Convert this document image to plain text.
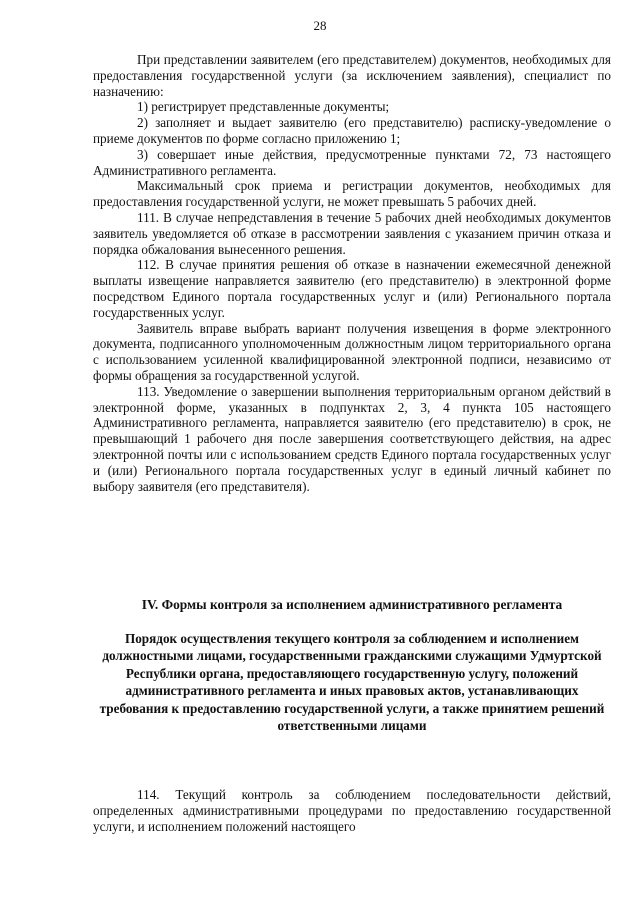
28

При представлении заявителем (его представителем) документов, необходимых для предоставления государственной услуги (за исключением заявления), специалист по назначению:

1) регистрирует представленные документы;

2) заполняет и выдает заявителю (его представителю) расписку-уведомление о приеме документов по форме согласно приложению 1;

3) совершает иные действия, предусмотренные пунктами 72, 73 настоящего Административного регламента.

Максимальный срок приема и регистрации документов, необходимых для предоставления государственной услуги, не может превышать 5 рабочих дней.

111. В случае непредставления в течение 5 рабочих дней необходимых документов заявитель уведомляется об отказе в рассмотрении заявления с указанием причин отказа и порядка обжалования вынесенного решения.

112. В случае принятия решения об отказе в назначении ежемесячной денежной выплаты извещение направляется заявителю (его представителю) в электронной форме посредством Единого портала государственных услуг и (или) Регионального портала государственных услуг.

Заявитель вправе выбрать вариант получения извещения в форме электронного документа, подписанного уполномоченным должностным лицом территориального органа с использованием усиленной квалифицированной электронной подписи, независимо от формы обращения за государственной услугой.

113. Уведомление о завершении выполнения территориальным органом действий в электронной форме, указанных в подпунктах 2, 3, 4 пункта 105 настоящего Административного регламента, направляется заявителю (его представителю) в срок, не превышающий 1 рабочего дня после завершения соответствующего действия, на адрес электронной почты или с использованием средств Единого портала государственных услуг и (или) Регионального портала государственных услуг в единый личный кабинет по выбору заявителя (его представителя).

IV. Формы контроля за исполнением административного регламента
Порядок осуществления текущего контроля за соблюдением и исполнением должностными лицами, государственными гражданскими служащими Удмуртской Республики органа, предоставляющего государственную услугу, положений административного регламента и иных правовых актов, устанавливающих требования к предоставлению государственной услуги, а также принятием решений ответственными лицами

114. Текущий контроль за соблюдением последовательности действий, определенных административными процедурами по предоставлению государственной услуги, и исполнением положений настоящего
